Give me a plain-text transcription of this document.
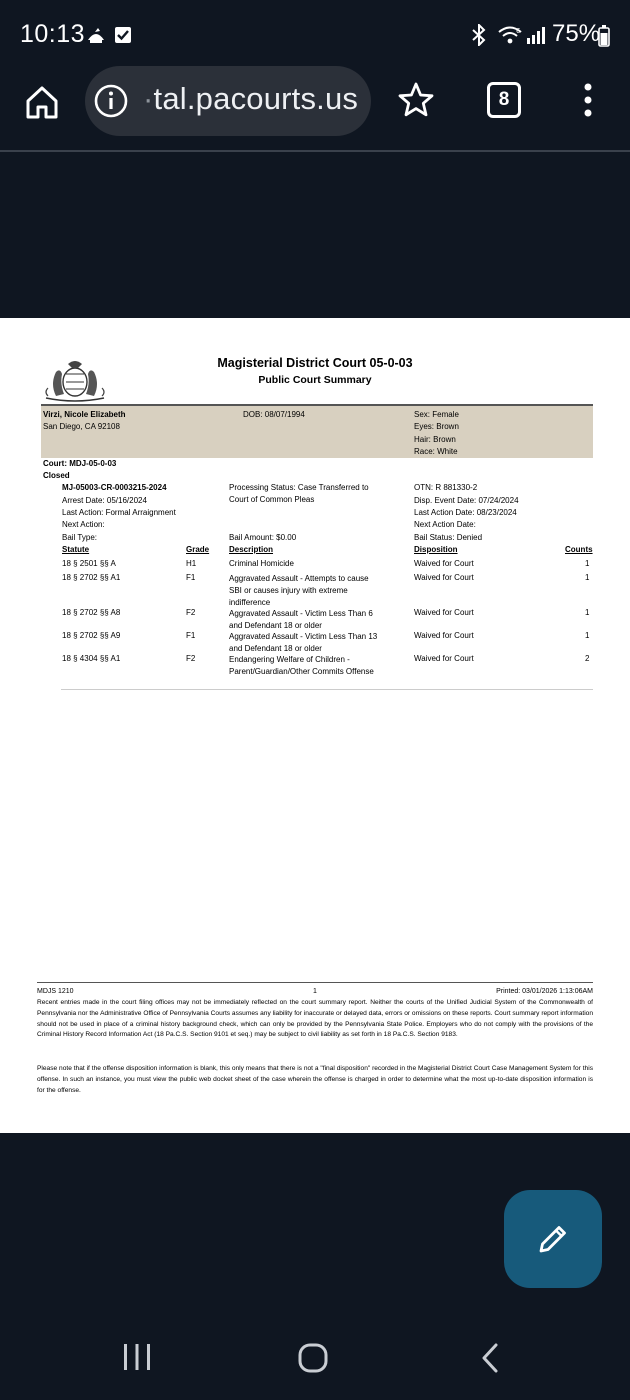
10:13	6 75%
·tal.pacourts.us	8
Magisterial District Court 05-0-03
Public Court Summary
Virzi, Nicole Elizabeth
San Diego, CA 92108
DOB: 08/07/1994	Sex: Female
Eyes: Brown
Hair: Brown
Race: White
Court: MDJ-05-0-03
Closed
MJ-05003-CR-0003215-2024
Arrest Date: 05/16/2024
Last Action: Formal Arraignment
Next Action:
Bail Type:
Processing Status: Case Transferred to
Court of Common Pleas
Bail Amount: $0.00
OTN: R 881330-2
Disp. Event Date: 07/24/2024
Last Action Date: 08/23/2024
Next Action Date:
Bail Status: Denied
Statute	Grade Description	Disposition	Counts
18 § 2501 §§ A	H1	Criminal Homicide	Waived for Court	1
18 § 2702 §§ A1	F1	Aggravated Assault - Attempts to cause
SBI or causes injury with extreme
indifference
Waived for Court	1
18 § 2702 §§ A8	F2	Aggravated Assault - Victim Less Than 6
and Defendant 18 or older
Waived for Court	1
18 § 2702 §§ A9	F1	Aggravated Assault - Victim Less Than 13
and Defendant 18 or older
Waived for Court	1
18 § 4304 §§ A1	F2	Endangering Welfare of Children -
Parent/Guardian/Other Commits Offense
Waived for Court	2
MDJS 1210	1	Printed: 03/01/2026 1:13:06AM
Recent entries made in the court filing offices may not be immediately reflected on the court summary report. Neither the courts of the Unified Judicial System of the Commonwealth of Pennsylvania nor the Administrative Office of Pennsylvania Courts assumes any liability for inaccurate or delayed data, errors or omissions on these reports. Court summary report information should not be used in place of a criminal history background check, which can only be provided by the Pennsylvania State Police. Employers who do not comply with the provisions of the Criminal History Record Information Act (18 Pa.C.S. Section 9101 et seq.) may be subject to civil liability as set forth in 18 Pa.C.S. Section 9183.
Please note that if the offense disposition information is blank, this only means that there is not a "final disposition" recorded in the Magisterial District Court Case Management System for this offense. In such an instance, you must view the public web docket sheet of the case wherein the offense is charged in order to determine what the most up-to-date disposition information is for the offense.
